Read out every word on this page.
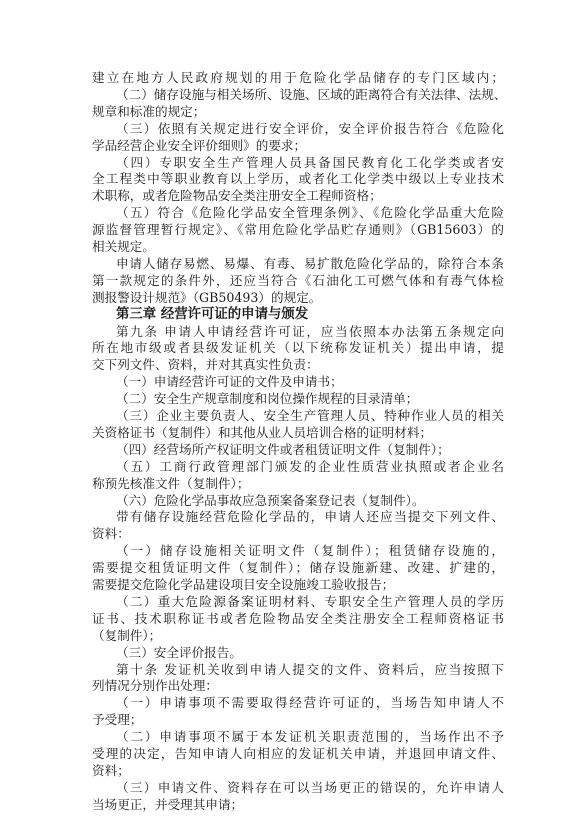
建立在地方人民政府规划的用于危险化学品储存的专门区域内；
（二）储存设施与相关场所、设施、区域的距离符合有关法律、法规、
规章和标准的规定；
（三）依照有关规定进行安全评价，安全评价报告符合《危险化
学品经营企业安全评价细则》的要求；
（四）专职安全生产管理人员具备国民教育化工化学类或者安
全工程类中等职业教育以上学历，或者化工化学类中级以上专业技术
术职称，或者危险物品安全类注册安全工程师资格；
（五）符合《危险化学品安全管理条例》、《危险化学品重大危险
源监督管理暂行规定》、《常用危险化学品贮存通则》（GB15603）的
相关规定。
申请人储存易燃、易爆、有毒、易扩散危险化学品的，除符合本条
第一款规定的条件外，还应当符合《石油化工可燃气体和有毒气体检
测报警设计规范》（GB50493）的规定。
第三章 经营许可证的申请与颁发
第九条 申请人申请经营许可证，应当依照本办法第五条规定向
所在地市级或者县级发证机关（以下统称发证机关）提出申请，提
交下列文件、资料，并对其真实性负责：
（一）申请经营许可证的文件及申请书；
（二）安全生产规章制度和岗位操作规程的目录清单；
（三）企业主要负责人、安全生产管理人员、特种作业人员的相关
关资格证书（复制件）和其他从业人员培训合格的证明材料；
（四）经营场所产权证明文件或者租赁证明文件（复制件）；
（五）工商行政管理部门颁发的企业性质营业执照或者企业名
称预先核准文件（复制件）；
（六）危险化学品事故应急预案备案登记表（复制件）。
带有储存设施经营危险化学品的，申请人还应当提交下列文件、
资料：
（一）储存设施相关证明文件（复制件）；租赁储存设施的，
需要提交租赁证明文件（复制件）；储存设施新建、改建、扩建的，
需要提交危险化学品建设项目安全设施竣工验收报告；
（二）重大危险源备案证明材料、专职安全生产管理人员的学历
证书、技术职称证书或者危险物品安全类注册安全工程师资格证书
（复制件）；
（三）安全评价报告。
第十条 发证机关收到申请人提交的文件、资料后，应当按照下
列情况分别作出处理：
（一）申请事项不需要取得经营许可证的，当场告知申请人不
予受理；
（二）申请事项不属于本发证机关职责范围的，当场作出不予
受理的决定，告知申请人向相应的发证机关申请，并退回申请文件、
资料；
（三）申请文件、资料存在可以当场更正的错误的，允许申请人
当场更正，并受理其申请；
